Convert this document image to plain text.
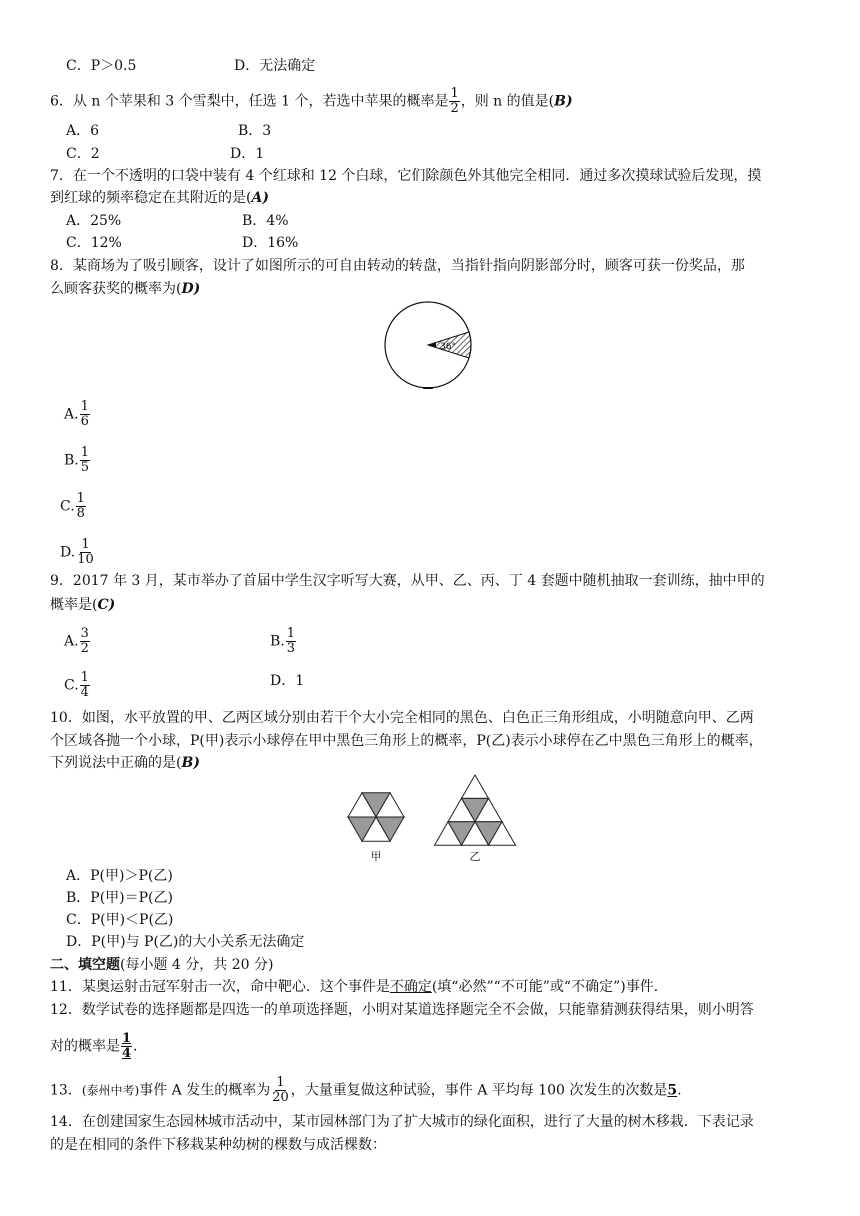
C．P＞0.5	D．无法确定
6．从 n 个苹果和 3 个雪梨中，任选 1 个，若选中苹果的概率是 $\frac{1}{2}$ ，则 n 的值是(B)
A．6	B．3
C．2	D．1
7．在一个不透明的口袋中装有 4 个红球和 12 个白球，它们除颜色外其他完全相同．通过多次摸球试验后发现，摸
到红球的频率稳定在其附近的是(A)
A．25%	B．4%
C．12%	D．16%
8．某商场为了吸引顾客，设计了如图所示的可自由转动的转盘，当指针指向阴影部分时，顾客可获一份奖品，那
么顾客获奖的概率为(D)
36°
A. $\frac{1}{6}$
B. $\frac{1}{5}$
C. $\frac{1}{8}$
D. $\frac{1}{10}$
9．2017 年 3 月，某市举办了首届中学生汉字听写大赛，从甲、乙、丙、丁 4 套题中随机抽取一套训练，抽中甲的
概率是(C)
A. $\frac{3}{2}$	B. $\frac{1}{3}$
C. $\frac{1}{4}$	D．1
10．如图，水平放置的甲、乙两区域分别由若干个大小完全相同的黑色、白色正三角形组成，小明随意向甲、乙两
个区域各抛一个小球，P(甲)表示小球停在甲中黑色三角形上的概率，P(乙)表示小球停在乙中黑色三角形上的概率，
下列说法中正确的是(B)
甲	乙
A．P(甲)＞P(乙)
B．P(甲)＝P(乙)
C．P(甲)＜P(乙)
D．P(甲)与 P(乙)的大小关系无法确定
二、填空题(每小题 4 分，共 20 分)
11．某奥运射击冠军射击一次，命中靶心．这个事件是不确定(填“必然”“不可能”或“不确定”)事件．
12．数学试卷的选择题都是四选一的单项选择题，小明对某道选择题完全不会做，只能靠猜测获得结果，则小明答
对的概率是 $\frac{1}{4}$ .
13．(泰州中考)事件 A 发生的概率为 $\frac{1}{20}$ ，大量重复做这种试验，事件 A 平均每 100 次发生的次数是5.
14．在创建国家生态园林城市活动中，某市园林部门为了扩大城市的绿化面积，进行了大量的树木移栽．下表记录
的是在相同的条件下移栽某种幼树的棵数与成活棵数：
